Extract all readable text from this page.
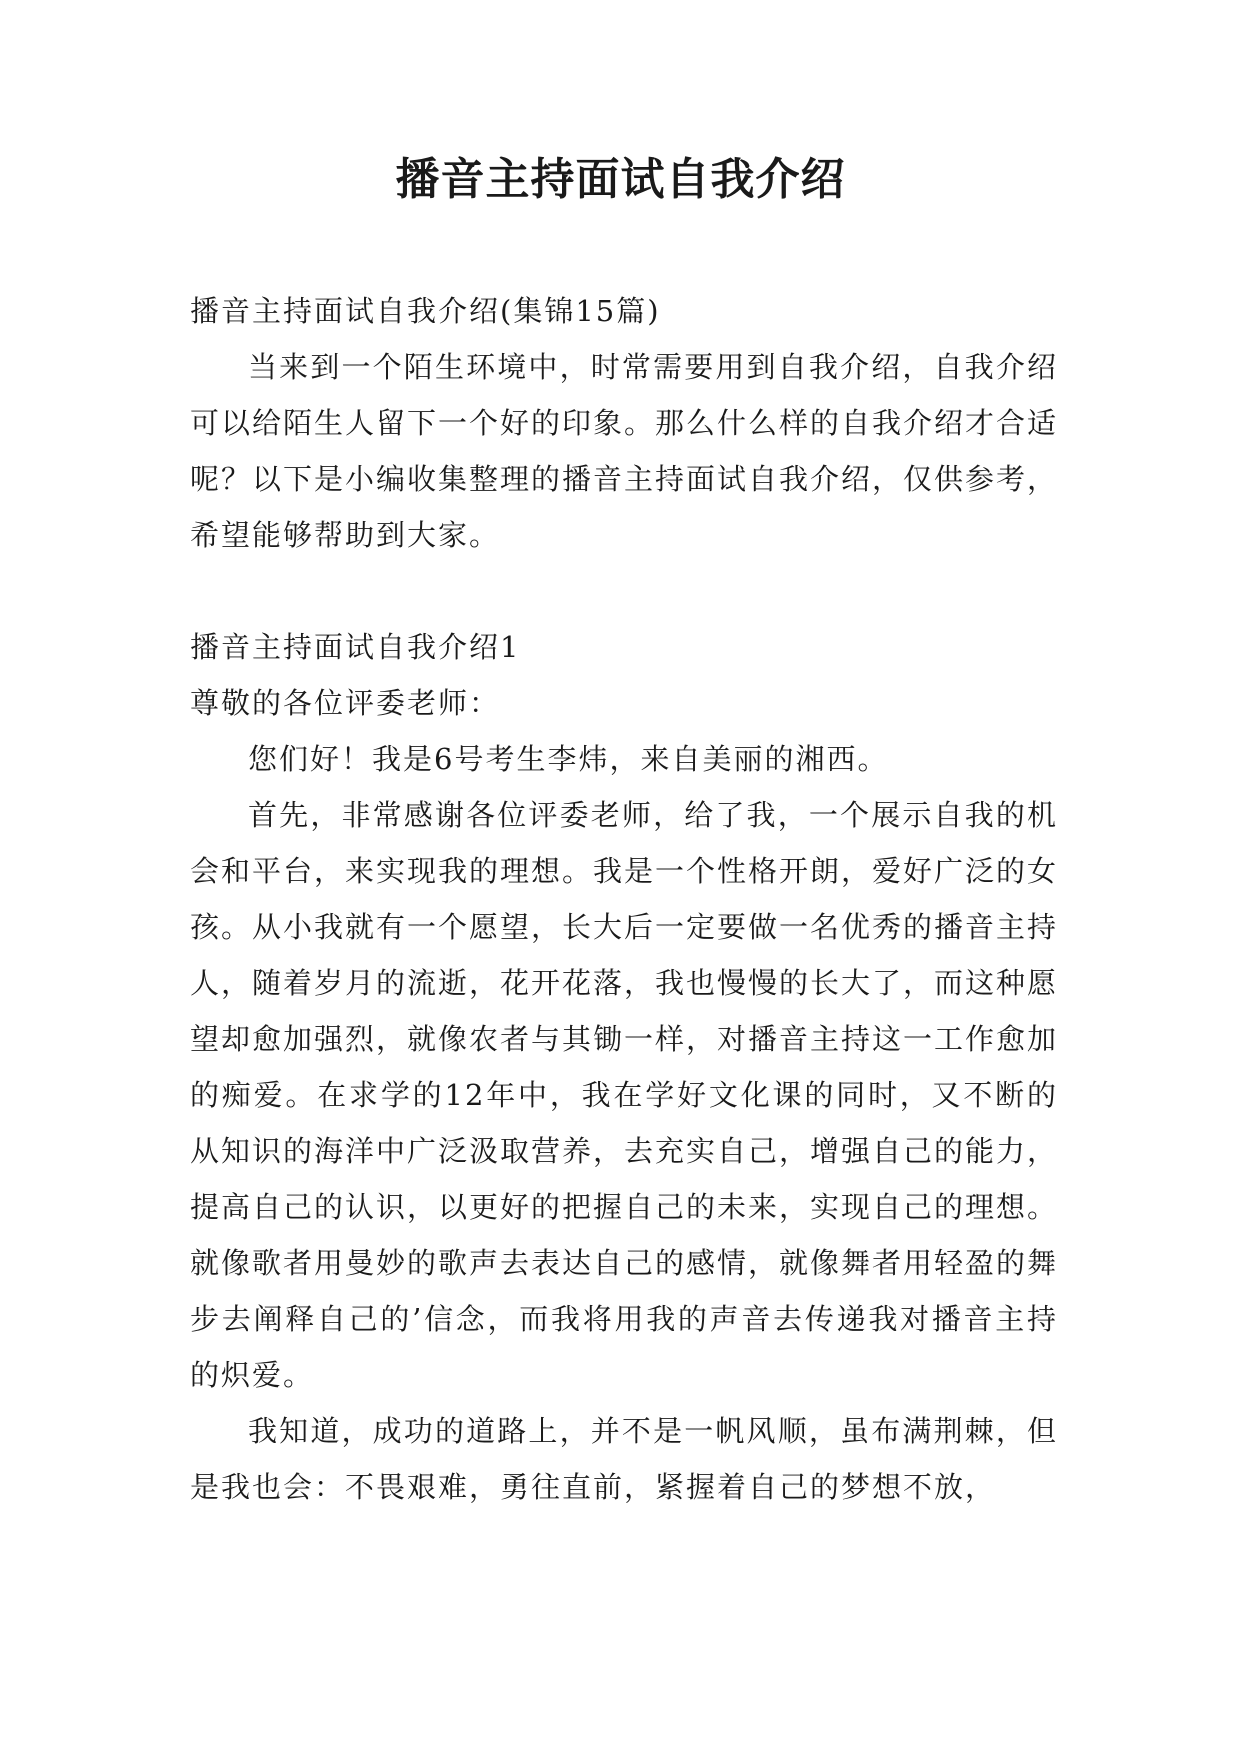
播音主持面试自我介绍

播音主持面试自我介绍(集锦15篇)

当来到一个陌生环境中，时常需要用到自我介绍，自我介绍可以给陌生人留下一个好的印象。那么什么样的自我介绍才合适呢？以下是小编收集整理的播音主持面试自我介绍，仅供参考，希望能够帮助到大家。

播音主持面试自我介绍1

尊敬的各位评委老师：

您们好！我是6号考生李炜，来自美丽的湘西。

首先，非常感谢各位评委老师，给了我，一个展示自我的机会和平台，来实现我的理想。我是一个性格开朗，爱好广泛的女孩。从小我就有一个愿望，长大后一定要做一名优秀的播音主持人，随着岁月的流逝，花开花落，我也慢慢的长大了，而这种愿望却愈加强烈，就像农者与其锄一样，对播音主持这一工作愈加的痴爱。在求学的12年中，我在学好文化课的同时，又不断的从知识的海洋中广泛汲取营养，去充实自己，增强自己的能力，提高自己的认识，以更好的把握自己的未来，实现自己的理想。就像歌者用曼妙的歌声去表达自己的感情，就像舞者用轻盈的舞步去阐释自己的’信念，而我将用我的声音去传递我对播音主持的炽爱。

我知道，成功的道路上，并不是一帆风顺，虽布满荆棘，但是我也会：不畏艰难，勇往直前，紧握着自己的梦想不放，
